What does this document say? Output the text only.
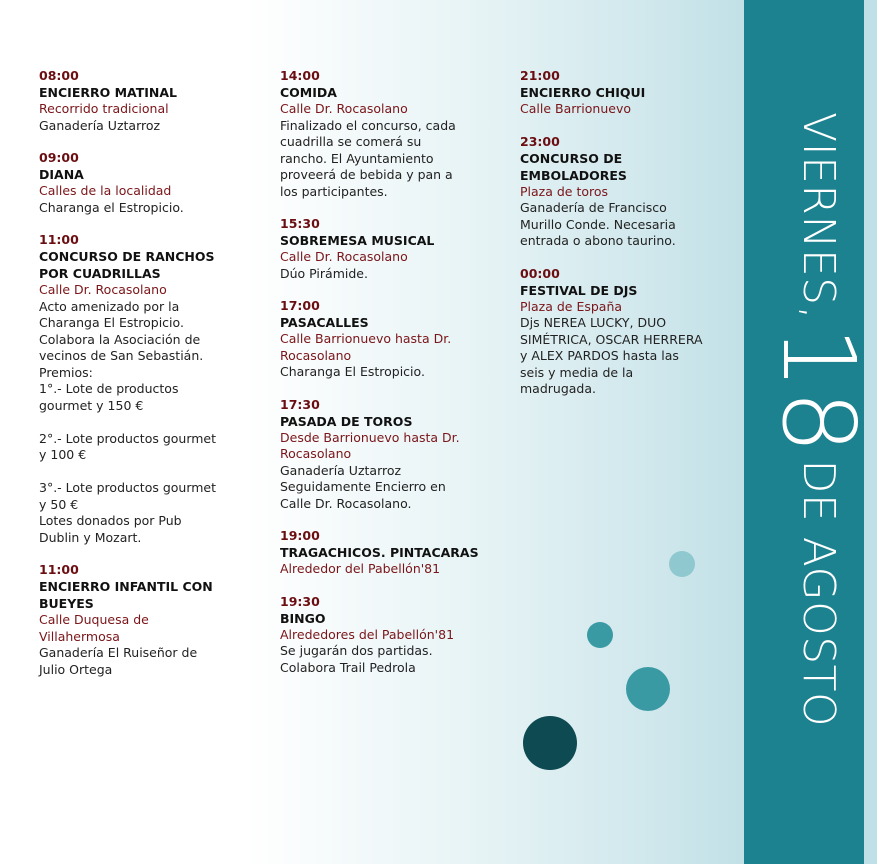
08:00
ENCIERRO MATINAL
Recorrido tradicional
Ganadería Uztarroz
09:00
DIANA
Calles de la localidad
Charanga el Estropicio.
11:00
CONCURSO DE RANCHOS
POR CUADRILLAS
Calle Dr. Rocasolano
Acto amenizado por la
Charanga El Estropicio.
Colabora la Asociación de
vecinos de San Sebastián.
Premios:
1°.- Lote de productos
gourmet y 150 €

2°.- Lote productos gourmet
y 100 €

3°.- Lote productos gourmet
y 50 €
Lotes donados por Pub
Dublin y Mozart.
11:00
ENCIERRO INFANTIL CON
BUEYES
Calle Duquesa de
Villahermosa
Ganadería El Ruiseñor de
Julio Ortega
14:00
COMIDA
Calle Dr. Rocasolano
Finalizado el concurso, cada
cuadrilla se comerá su
rancho. El Ayuntamiento
proveerá de bebida y pan a
los participantes.
15:30
SOBREMESA MUSICAL
Calle Dr. Rocasolano
Dúo Pirámide.
17:00
PASACALLES
Calle Barrionuevo hasta Dr.
Rocasolano
Charanga El Estropicio.
17:30
PASADA DE TOROS
Desde Barrionuevo hasta Dr.
Rocasolano
Ganadería Uztarroz
Seguidamente Encierro en
Calle Dr. Rocasolano.
19:00
TRAGACHICOS. PINTACARAS
Alrededor del Pabellón'81
19:30
BINGO
Alrededores del Pabellón'81
Se jugarán dos partidas.
Colabora Trail Pedrola
21:00
ENCIERRO CHIQUI
Calle Barrionuevo
23:00
CONCURSO DE
EMBOLADORES
Plaza de toros
Ganadería de Francisco
Murillo Conde. Necesaria
entrada o abono taurino.
00:00
FESTIVAL DE DJS
Plaza de España
Djs NEREA LUCKY, DUO
SIMÉTRICA, OSCAR HERRERA
y ALEX PARDOS hasta las
seis y media de la
madrugada.
VIERNES, 18 DE AGOSTO
